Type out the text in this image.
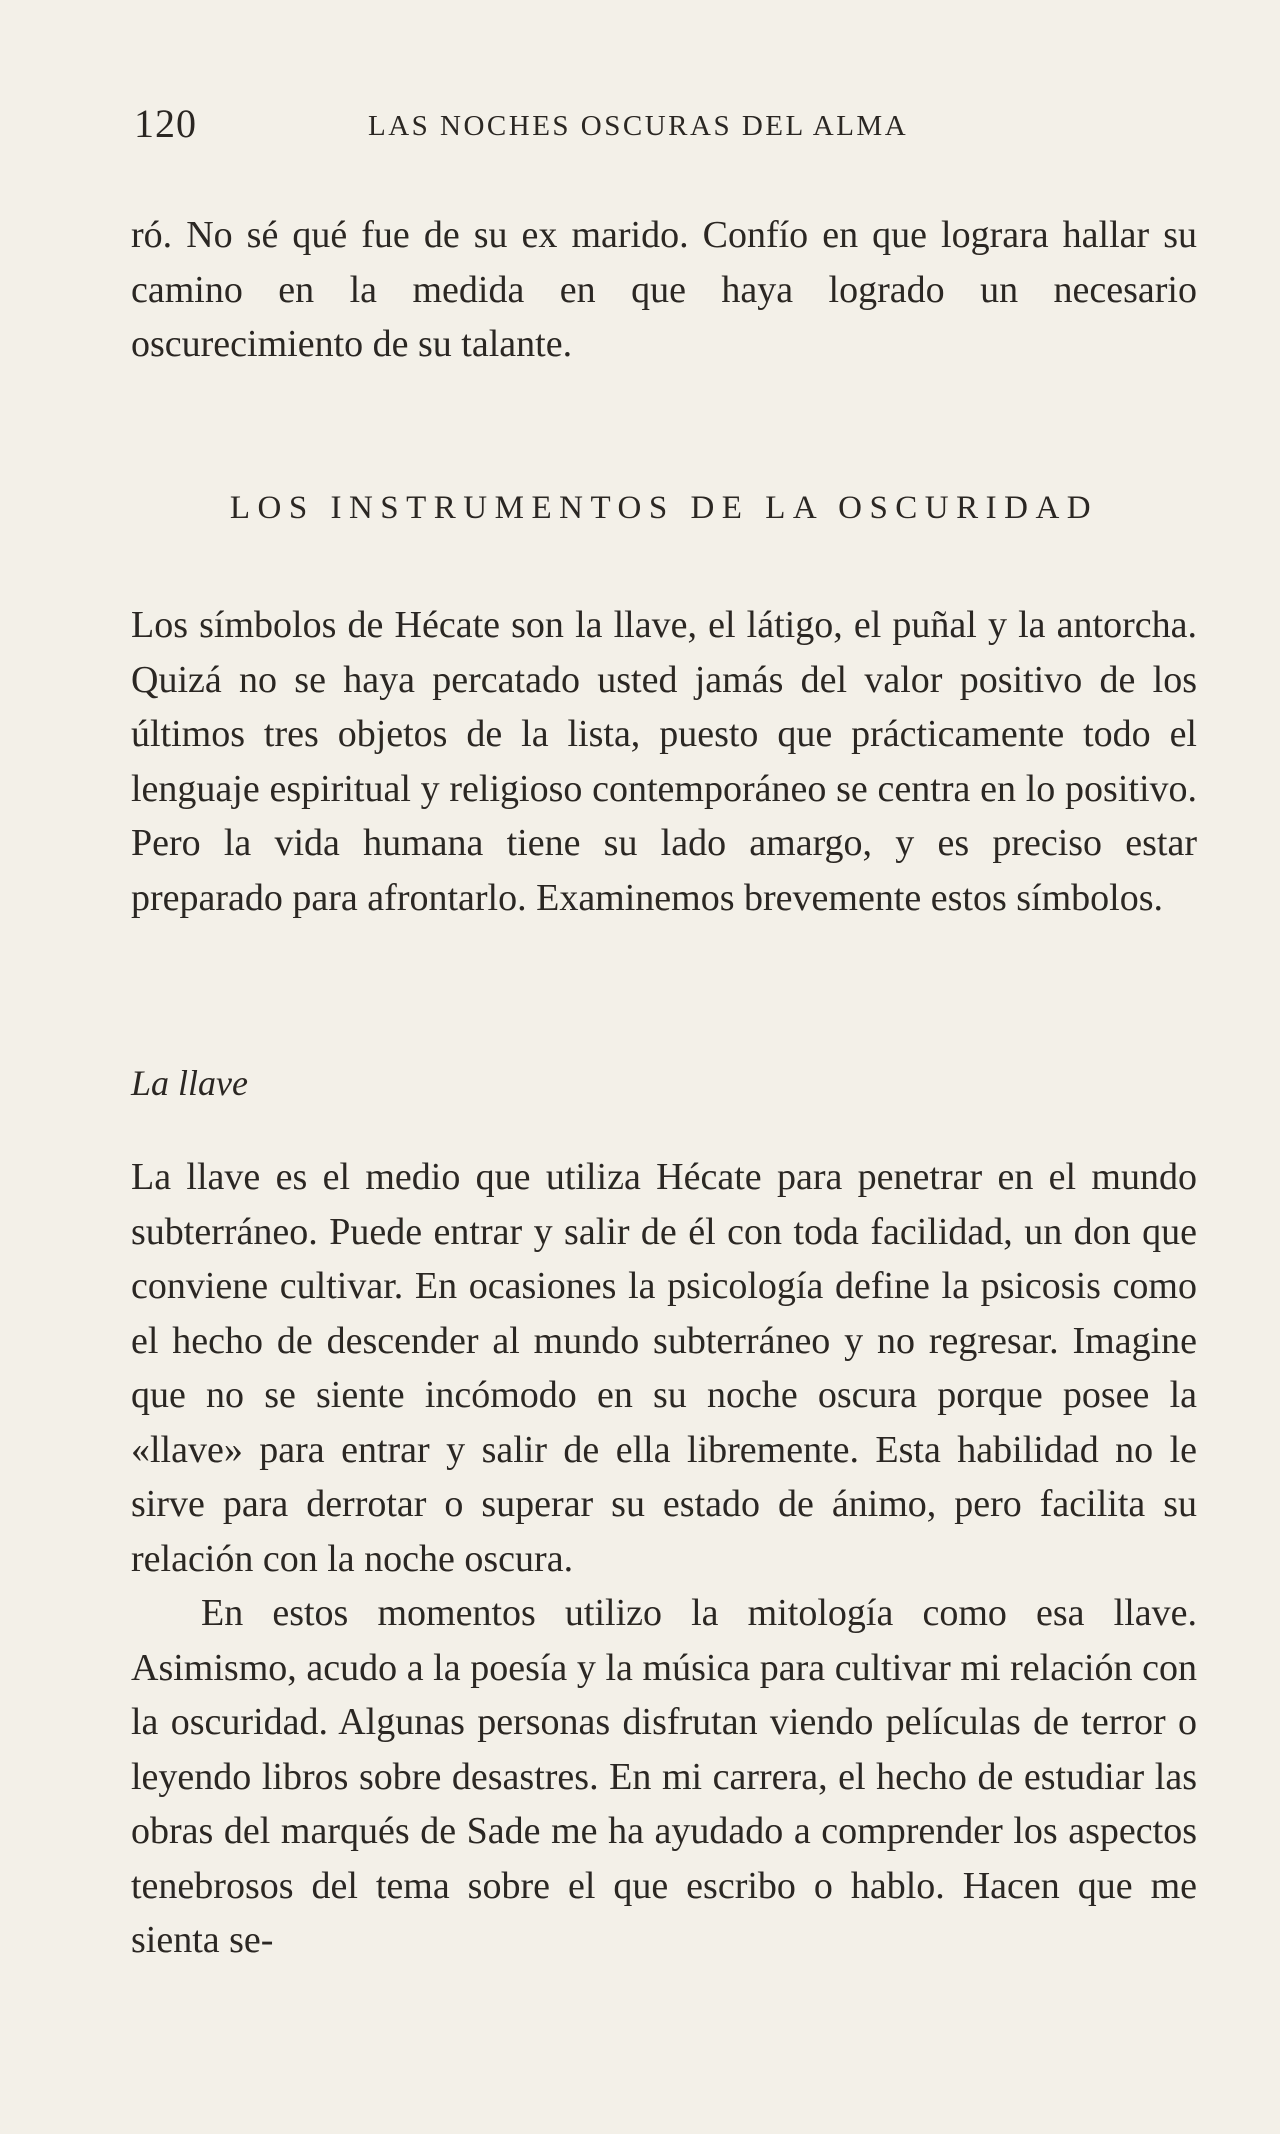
120	LAS NOCHES OSCURAS DEL ALMA

ró. No sé qué fue de su ex marido. Confío en que lograra hallar su camino en la medida en que haya logrado un necesario oscurecimiento de su talante.

LOS INSTRUMENTOS DE LA OSCURIDAD

Los símbolos de Hécate son la llave, el látigo, el puñal y la antorcha. Quizá no se haya percatado usted jamás del valor positivo de los últimos tres objetos de la lista, puesto que prácticamente todo el lenguaje espiritual y religioso contemporáneo se centra en lo positivo. Pero la vida humana tiene su lado amargo, y es preciso estar preparado para afrontarlo. Examinemos brevemente estos símbolos.

La llave

La llave es el medio que utiliza Hécate para penetrar en el mundo subterráneo. Puede entrar y salir de él con toda facilidad, un don que conviene cultivar. En ocasiones la psicología define la psicosis como el hecho de descender al mundo subterráneo y no regresar. Imagine que no se siente incómodo en su noche oscura porque posee la «llave» para entrar y salir de ella libremente. Esta habilidad no le sirve para derrotar o superar su estado de ánimo, pero facilita su relación con la noche oscura.

En estos momentos utilizo la mitología como esa llave. Asimismo, acudo a la poesía y la música para cultivar mi relación con la oscuridad. Algunas personas disfrutan viendo películas de terror o leyendo libros sobre desastres. En mi carrera, el hecho de estudiar las obras del marqués de Sade me ha ayudado a comprender los aspectos tenebrosos del tema sobre el que escribo o hablo. Hacen que me sienta se-
